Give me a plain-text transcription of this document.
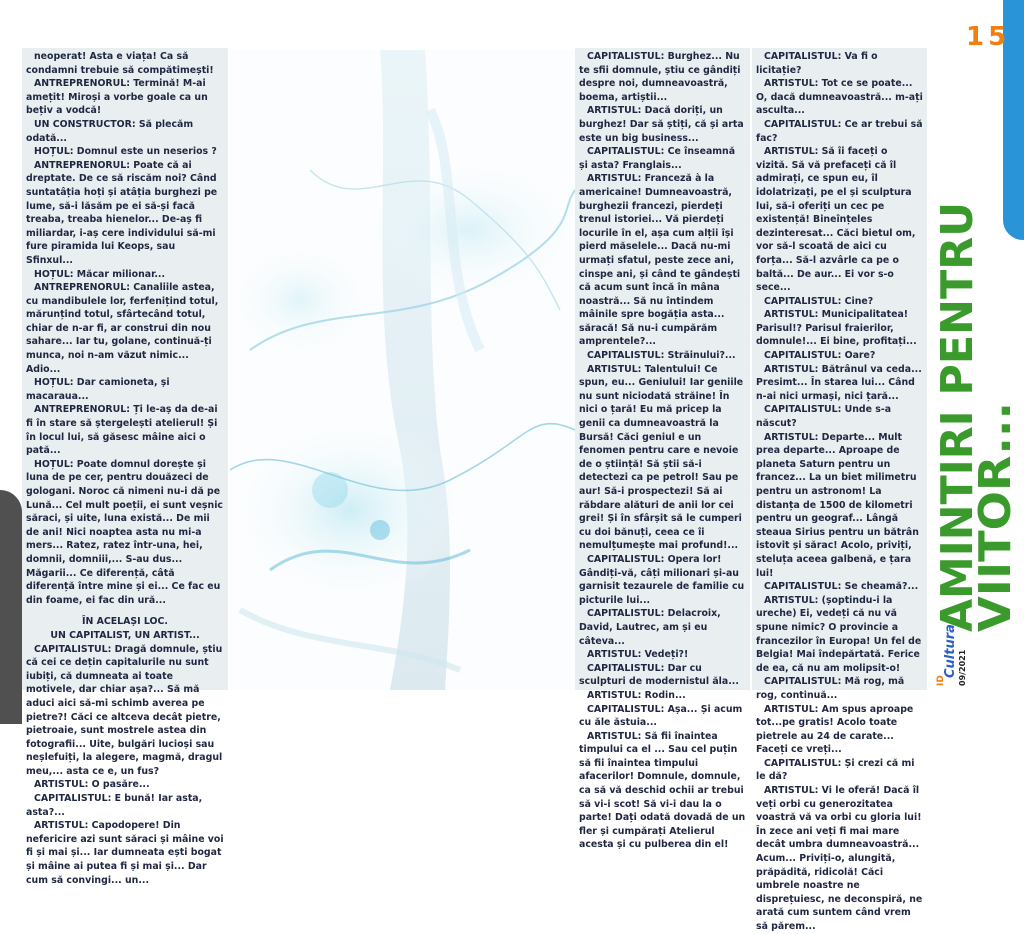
15

neoperat! Asta e viața! Ca să condamni trebuie să compătimești!

ANTREPRENORUL: Termină! M-ai amețit! Miroși a vorbe goale ca un bețiv a vodcă!

UN CONSTRUCTOR: Să plecăm odată...

HOȚUL: Domnul este un neserios ?

ANTREPRENORUL: Poate că ai dreptate. De ce să riscăm noi? Când suntatâția hoți și atâția burghezi pe lume, să-i lăsăm pe ei să-și facă treaba, treaba hienelor... De-aș fi miliardar, i-aș cere individului să-mi fure piramida lui Keops, sau Sfinxul...

HOȚUL: Măcar milionar...

ANTREPRENORUL: Canaliile astea, cu mandibulele lor, ferfenițind totul, mărunțind totul, sfârtecând totul, chiar de n-ar fi, ar construi din nou saharе... Iar tu, golane, continuă-ți munca, noi n-am văzut nimic... Adio...

HOȚUL: Dar camioneta, și macaraua...

ANTREPRENORUL: Ți le-aș da de-ai fi în stare să ștergeleștі atelierul! Și în locul lui, să găsesc mâine aici o pată...

HOȚUL: Poate domnul dorește și luna de pe cer, pentru douăzeci de gologani. Noroc că nimeni nu-i dă pe Lună... Cel mult poeții, ei sunt veșnic săraci, și uite, luna există... De mii de ani! Nici noaptea asta nu mi-a mers... Ratez, ratez într-una, hei, domnii, domniii,... S-au dus... Măgarii... Ce diferență, câtă diferență între mine și ei... Ce fac eu din foame, ei fac din ură...

ÎN ACELAȘI LOC.
UN CAPITALIST, UN ARTIST...

CAPITALISTUL: Dragă domnule, știu că cei ce dețin capitalurile nu sunt iubiți, că dumneata ai toate motivele, dar chiar așa?... Să mă aduci aici să-mi schimb averea pe pietre?! Căci ce altceva decât pietre, pietroaie, sunt mostrele astea din fotografii... Uite, bulgări lucioși sau neșlefuiți, la alegere, magmă, dragul meu,... asta ce e, un fus?

ARTISTUL: O pasăre...

CAPITALISTUL: E bună! Iar asta, asta?...

ARTISTUL: Capodopere! Din nefericire azi sunt săraci și mâine voi fi și mai și... Iar dumneata ești bogat și mâine ai putea fi și mai și... Dar cum să convingi... un...

CAPITALISTUL: Burghez... Nu te sfii domnule, știu ce gândiți despre noi, dumneavoastră, boema, artiștii...

ARTISTUL: Dacă doriți, un burghez! Dar să știți, că și arta este un big business...

CAPITALISTUL: Ce înseamnă și asta? Franglais...

ARTISTUL: Franceză à la americaine! Dumneavoastră, burghezii francezi, pierdeți trenul istoriei... Vă pierdeți locurile în el, așa cum alții își pierd măselele... Dacă nu-mi urmați sfatul, peste zece ani, cinspe ani, și când te gândești că acum sunt încă în mâna noastră... Să nu întindem mâinile spre bogăția asta... săracă! Să nu-i cumpărăm amprentele?...

CAPITALISTUL: Străinului?...

ARTISTUL: Talentului! Ce spun, eu... Geniului! Iar geniile nu sunt niciodată străine! În nici o țară! Eu mă pricep la genii ca dumneavoastră la Bursă! Căci geniul e un fenomen pentru care e nevoie de o știință! Să știi să-i detectezi ca pe petrol! Sau pe aur! Să-i prospectezi! Să ai răbdare alături de anii lor cei grei! Și în sfârșit să le cumperi cu doi bănuți, ceea ce îi nemulțumește mai profund!...

CAPITALISTUL: Opera lor! Gândiți-vă, câți milionari și-au garnisit tezaurele de familie cu picturile lui...

CAPITALISTUL: Delacroix, David, Lautrec, am și eu câteva...

ARTISTUL: Vedeți?!

CAPITALISTUL: Dar cu sculpturi de modernistul ăla...

ARTISTUL: Rodin...

CAPITALISTUL: Așa... Și acum cu ăle ăstuia...

ARTISTUL: Să fii înaintea timpului ca el ... Sau cel puțin să fii înaintea timpului afacerilor! Domnule, domnule, ca să vă deschid ochii ar trebui să vi-i scot! Să vi-i dau la o parte! Dați odată dovadă de un fler și cumpărați Atelierul acesta și cu pulberea din el!

CAPITALISTUL: Va fi o licitație?

ARTISTUL: Tot ce se poate... O, dacă dumneavoastră... m-ați asculta...

CAPITALISTUL: Ce ar trebui să fac?

ARTISTUL: Să îi faceți o vizită. Să vă prefaceți că îl admirați, ce spun eu, îl idolatrizați, pe el și sculptura lui, să-i oferiți un cec pe existență! Bineînțeles dezinteresat... Căci bietul om, vor să-l scoată de aici cu forța... Să-l azvârle ca pe o baltă... De aur... Ei vor s-o sece...

CAPITALISTUL: Cine?

ARTISTUL: Municipalitatea! Parisul!? Parisul fraierilor, domnule!... Ei bine, profitați...

CAPITALISTUL: Oare?

ARTISTUL: Bătrânul va ceda... Presimt... În starea lui... Când n-ai nici urmași, nici țară...

CAPITALISTUL: Unde s-a născut?

ARTISTUL: Departe... Mult prea departe... Aproape de planeta Saturn pentru un francez... La un biet milimetru pentru un astronom! La distanța de 1500 de kilometri pentru un geograf... Lângă steaua Sirius pentru un bătrân istovit și sărac! Acolo, priviți, steluța aceea galbenă, e țara lui!

CAPITALISTUL: Se cheamă?...

ARTISTUL: (șoptindu-i la ureche) Ei, vedeți că nu vă spune nimic? O provincie a francezilor în Europa! Un fel de Belgia! Mai îndepărtată. Ferice de ea, că nu am molipsit-o!

CAPITALISTUL: Mă rog, mă rog, continuă...

ARTISTUL: Am spus aproape tot...pe gratis! Acolo toate pietrele au 24 de carate... Faceți ce vreți...

CAPITALISTUL: Și crezi că mi le dă?

ARTISTUL: Vi le oferă! Dacă îl veți orbi cu generozitatea voastră vă va orbi cu gloria lui! În zece ani veți fi mai mare decât umbra dumneavoastră... Acum... Priviți-o, alungită, prăpădită, ridicolă! Căci umbrele noastre ne disprețuiesc, ne deconspiră, ne arată cum suntem când vrem să părem...

AMINTIRI PENTRU
VIITOR...
ID
Cultura 09/2021
